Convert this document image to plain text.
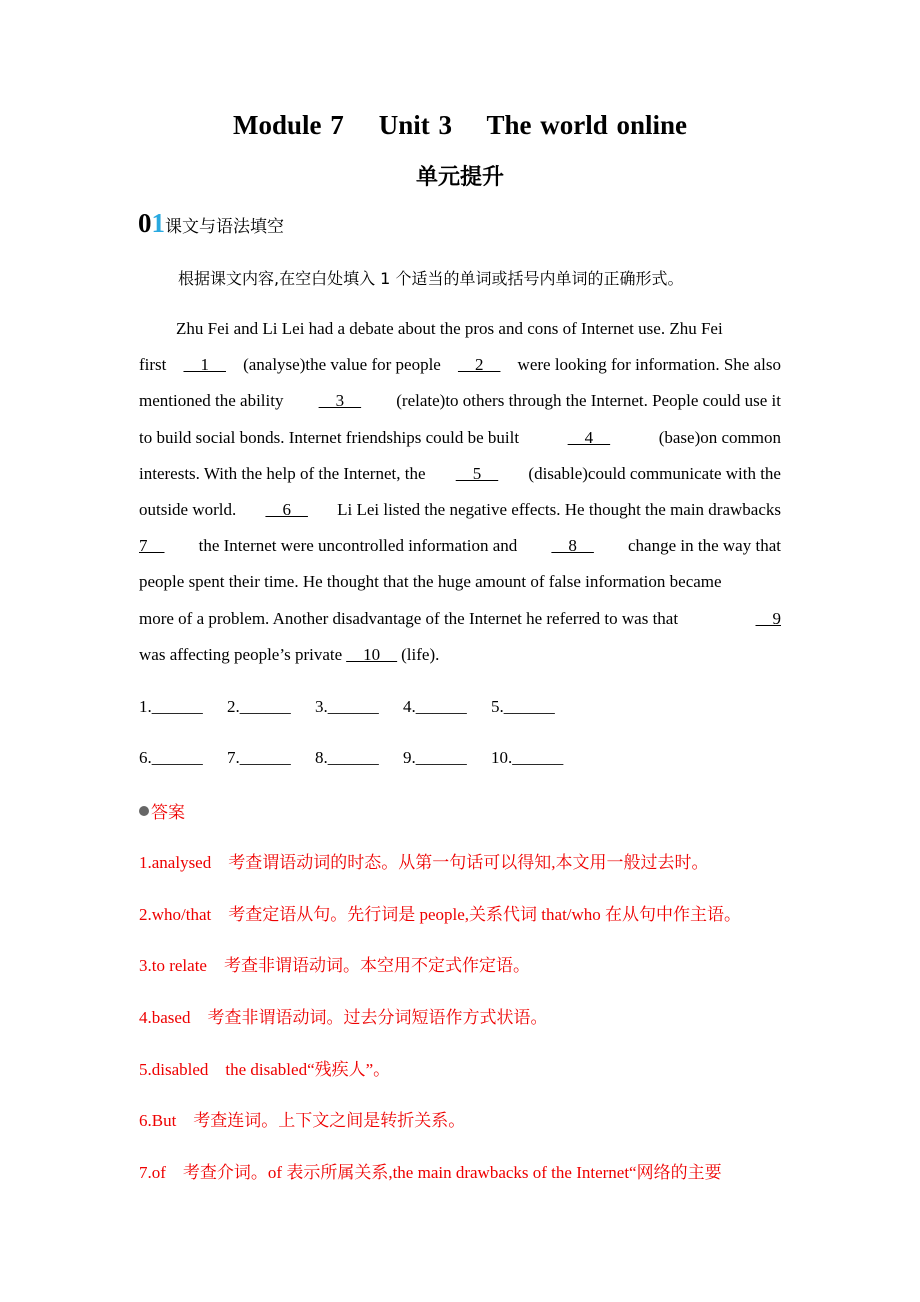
Module 7    Unit 3    The world online
单元提升
0 1 课文与语法填空
根据课文内容,在空白处填入 1 个适当的单词或括号内单词的正确形式。
Zhu Fei and Li Lei had a debate about the pros and cons of Internet use. Zhu Fei
first 1 (analyse)the value for people 2 were looking for information. She also
mentioned the ability 3 (relate)to others through the Internet. People could use it
to build social bonds. Internet friendships could be built	4	(base)on common
interests. With the help of the Internet, the 5 (disable)could communicate with the
outside world. 6 Li Lei listed the negative effects. He thought the main drawbacks
7 the Internet were uncontrolled information and 8 change in the way that
people spent their time. He thought that the huge amount of false information became
more of a problem. Another disadvantage of the Internet he referred to was that	9
was affecting people’s private 10 (life).
1.______	2.______	3.______	4.______	5.______
6.______	7.______	8.______	9.______	10.______
答案
1.analysed    考查谓语动词的时态。从第一句话可以得知,本文用一般过去时。
2.who/that    考查定语从句。先行词是 people,关系代词 that/who 在从句中作主语。
3.to relate    考查非谓语动词。本空用不定式作定语。
4.based    考查非谓语动词。过去分词短语作方式状语。
5.disabled    the disabled“残疾人”。
6.But    考查连词。上下文之间是转折关系。
7.of    考查介词。of 表示所属关系,the main drawbacks of the Internet“网络的主要
